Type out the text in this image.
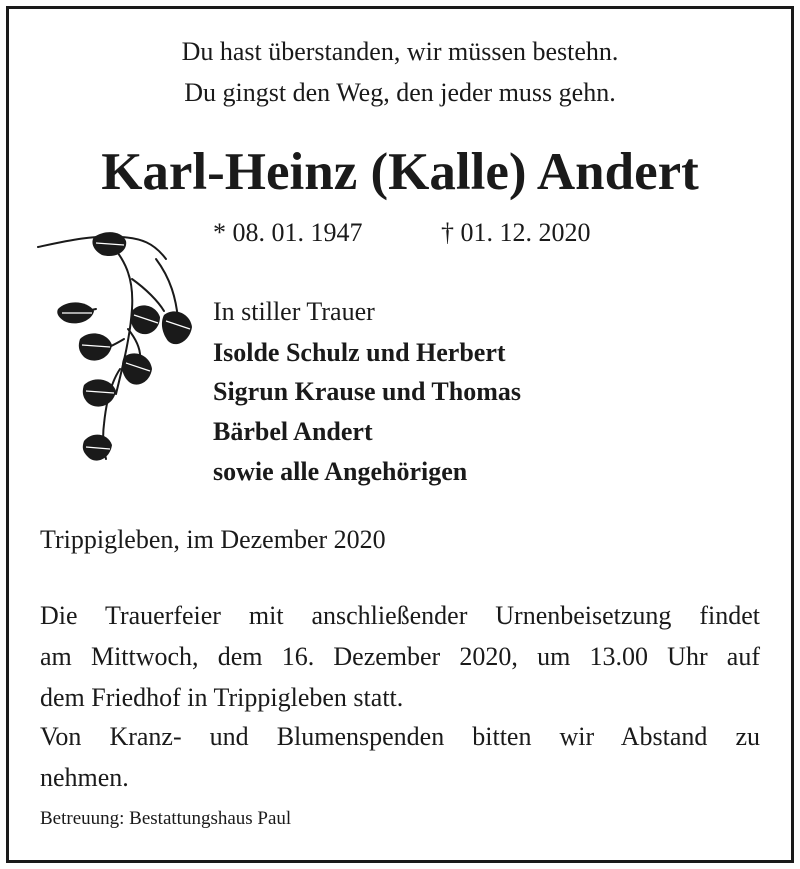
Du hast überstanden, wir müssen bestehn.
Du gingst den Weg, den jeder muss gehn.
Karl-Heinz (Kalle) Andert
* 08. 01. 1947	† 01. 12. 2020
In stiller Trauer
Isolde Schulz und Herbert
Sigrun Krause und Thomas
Bärbel Andert
sowie alle Angehörigen
Trippigleben, im Dezember 2020
Die Trauerfeier mit anschließender Urnenbeisetzung findet
am Mittwoch, dem 16. Dezember 2020, um 13.00 Uhr auf
dem Friedhof in Trippigleben statt.
Von Kranz- und Blumenspenden bitten wir Abstand zu
nehmen.
Betreuung: Bestattungshaus Paul
